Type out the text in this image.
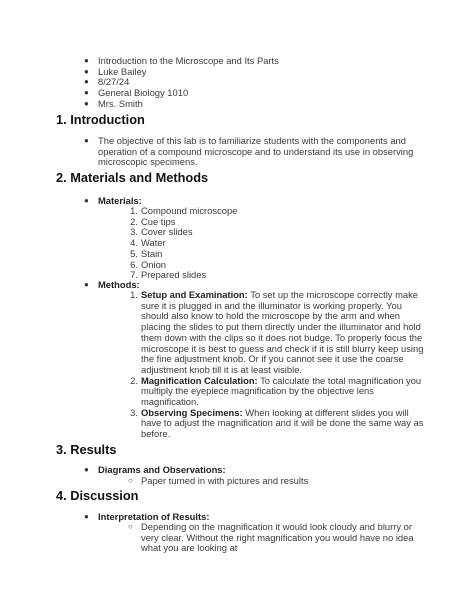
● Introduction to the Microscope and Its Parts
● Luke Bailey
● 8/27/24
● General Biology 1010
● Mrs. Smith
1. Introduction
● The objective of this lab is to familiarize students with the components and operation of a compound microscope and to understand its use in observing microscopic specimens.
2. Materials and Methods
● Materials:
1. Compound microscope
2. Cue tips
3. Cover slides
4. Water
5. Stain
6. Onion
7. Prepared slides
● Methods:
1. Setup and Examination: To set up the microscope correctly make sure it is plugged in and the illuminator is working properly. You should also know to hold the microscope by the arm and when placing the slides to put them directly under the illuminator and hold them down with the clips so it does not budge. To properly focus the microscope it is best to guess and check if it is still blurry keep using the fine adjustment knob. Or if you cannot see it use the coarse adjustment knob till it is at least visible.
2. Magnification Calculation: To calculate the total magnification you multiply the eyepiece magnification by the objective lens magnification.
3. Observing Specimens: When looking at different slides you will have to adjust the magnification and it will be done the same way as before.
3. Results
● Diagrams and Observations:
○ Paper turned in with pictures and results
4. Discussion
● Interpretation of Results:
○ Depending on the magnification it would look cloudy and blurry or very clear. Without the right magnification you would have no idea what you are looking at
